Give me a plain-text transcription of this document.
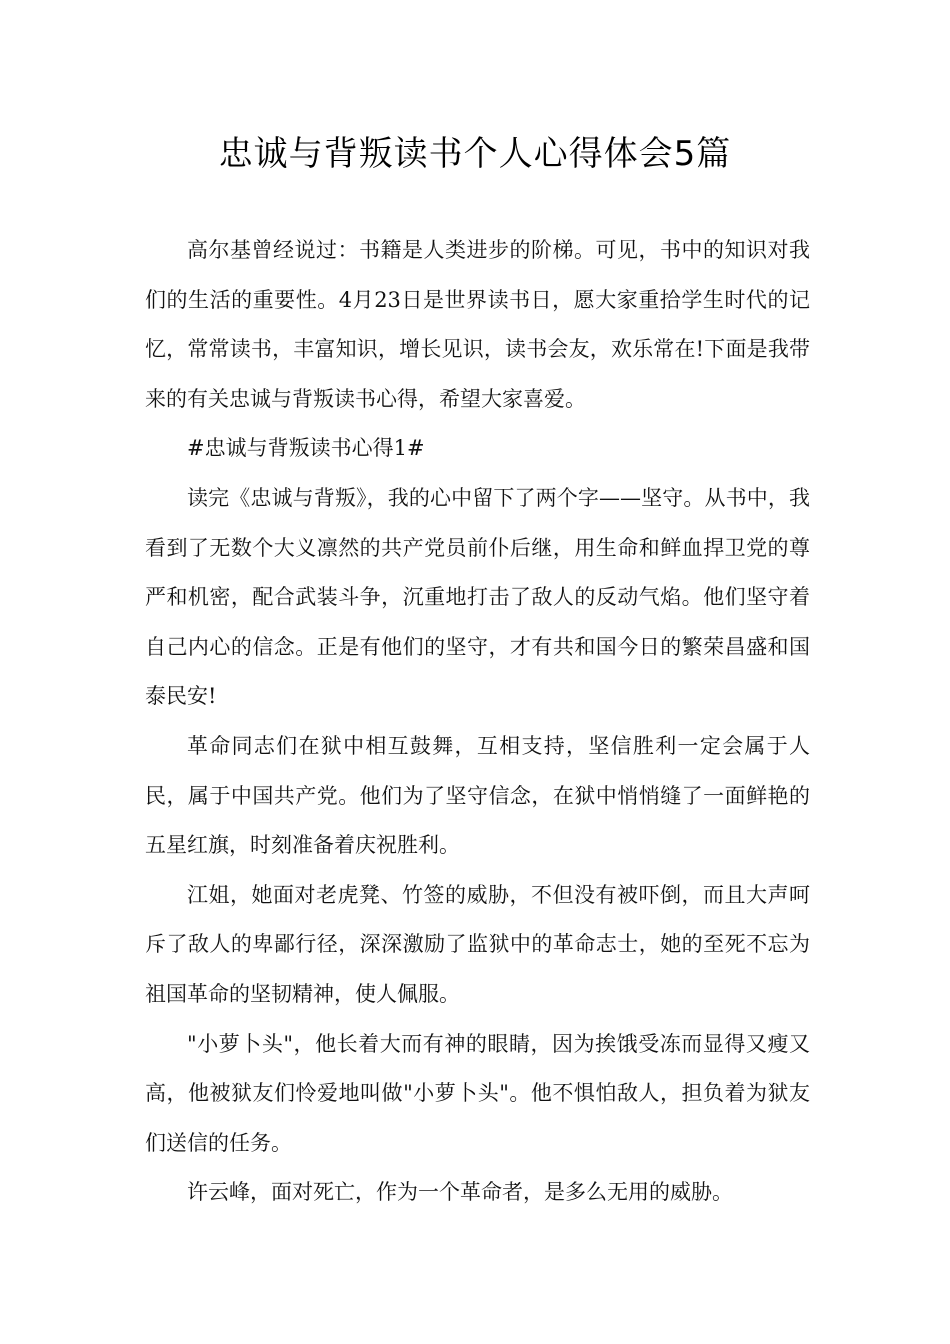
忠诚与背叛读书个人心得体会5篇

高尔基曾经说过：书籍是人类进步的阶梯。可见，书中的知识对我们的生活的重要性。4月23日是世界读书日，愿大家重拾学生时代的记忆，常常读书，丰富知识，增长见识，读书会友，欢乐常在!下面是我带来的有关忠诚与背叛读书心得，希望大家喜爱。

#忠诚与背叛读书心得1#

读完《忠诚与背叛》，我的心中留下了两个字——坚守。从书中，我看到了无数个大义凛然的共产党员前仆后继，用生命和鲜血捍卫党的尊严和机密，配合武装斗争，沉重地打击了敌人的反动气焰。他们坚守着自己内心的信念。正是有他们的坚守，才有共和国今日的繁荣昌盛和国泰民安!

革命同志们在狱中相互鼓舞，互相支持，坚信胜利一定会属于人民，属于中国共产党。他们为了坚守信念，在狱中悄悄缝了一面鲜艳的五星红旗，时刻准备着庆祝胜利。

江姐，她面对老虎凳、竹签的威胁，不但没有被吓倒，而且大声呵斥了敌人的卑鄙行径，深深激励了监狱中的革命志士，她的至死不忘为祖国革命的坚韧精神，使人佩服。

"小萝卜头"，他长着大而有神的眼睛，因为挨饿受冻而显得又瘦又高，他被狱友们怜爱地叫做"小萝卜头"。他不惧怕敌人，担负着为狱友们送信的任务。

许云峰，面对死亡，作为一个革命者，是多么无用的威胁。
